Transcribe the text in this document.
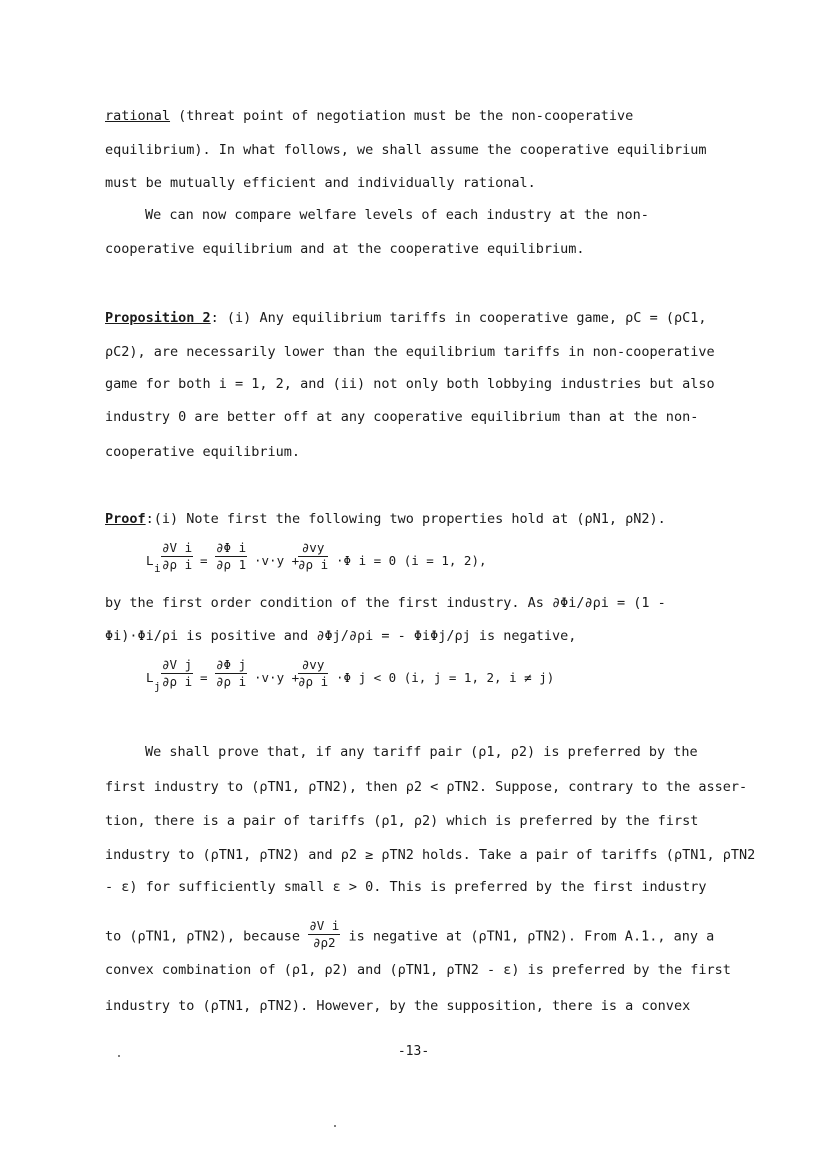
rational (threat point of negotiation must be the non-cooperative
equilibrium). In what follows, we shall assume the cooperative equilibrium
must be mutually efficient and individually rational.
We can now compare welfare levels of each industry at the non-
cooperative equilibrium and at the cooperative equilibrium.
Proposition 2: (i) Any equilibrium tariffs in cooperative game, ρC = (ρC1,
ρC2), are necessarily lower than the equilibrium tariffs in non-cooperative
game for both i = 1, 2, and (ii) not only both lobbying industries but also
industry 0 are better off at any cooperative equilibrium than at the non-
cooperative equilibrium.
Proof:(i) Note first the following two properties hold at (ρN1, ρN2).
L
i $\frac{\text{∂V i}}{\text{∂ρ i}} = \frac{\text{∂Φ i}}{\partial\rho 1} \cdot v\cdot y$ +
$\frac{\partial vy}{\text{∂ρ i}} \cdot\Phi$ i = 0 (i = 1, 2),
by the first order condition of the first industry. As ∂Φi/∂ρi = (1 -
Φi)·Φi/ρi is positive and ∂Φj/∂ρi = - ΦiΦj/ρj is negative,
L
j $\frac{\text{∂V j}}{\text{∂ρ i}} = \frac{\text{∂Φ j}}{\text{∂ρ i}} \cdot v\cdot y$ +
$\frac{\partial vy}{\text{∂ρ i}} \cdot\Phi$ j < 0 (i, j = 1, 2, i ≠ j)
We shall prove that, if any tariff pair (ρ1, ρ2) is preferred by the
first industry to (ρTN1, ρTN2), then ρ2 < ρTN2. Suppose, contrary to the asser-
tion, there is a pair of tariffs (ρ1, ρ2) which is preferred by the first
industry to (ρTN1, ρTN2) and ρ2 ≥ ρTN2 holds. Take a pair of tariffs (ρTN1, ρTN2
- ε) for sufficiently small ε > 0. This is preferred by the first industry
to (ρTN1, ρTN2), because $\frac{\text{∂V i}}{\partial\rho 2}$ is negative at (ρTN1, ρTN2). From A.1., any a
convex combination of (ρ1, ρ2) and (ρTN1, ρTN2 - ε) is preferred by the first
industry to (ρTN1, ρTN2). However, by the supposition, there is a convex
-13-
